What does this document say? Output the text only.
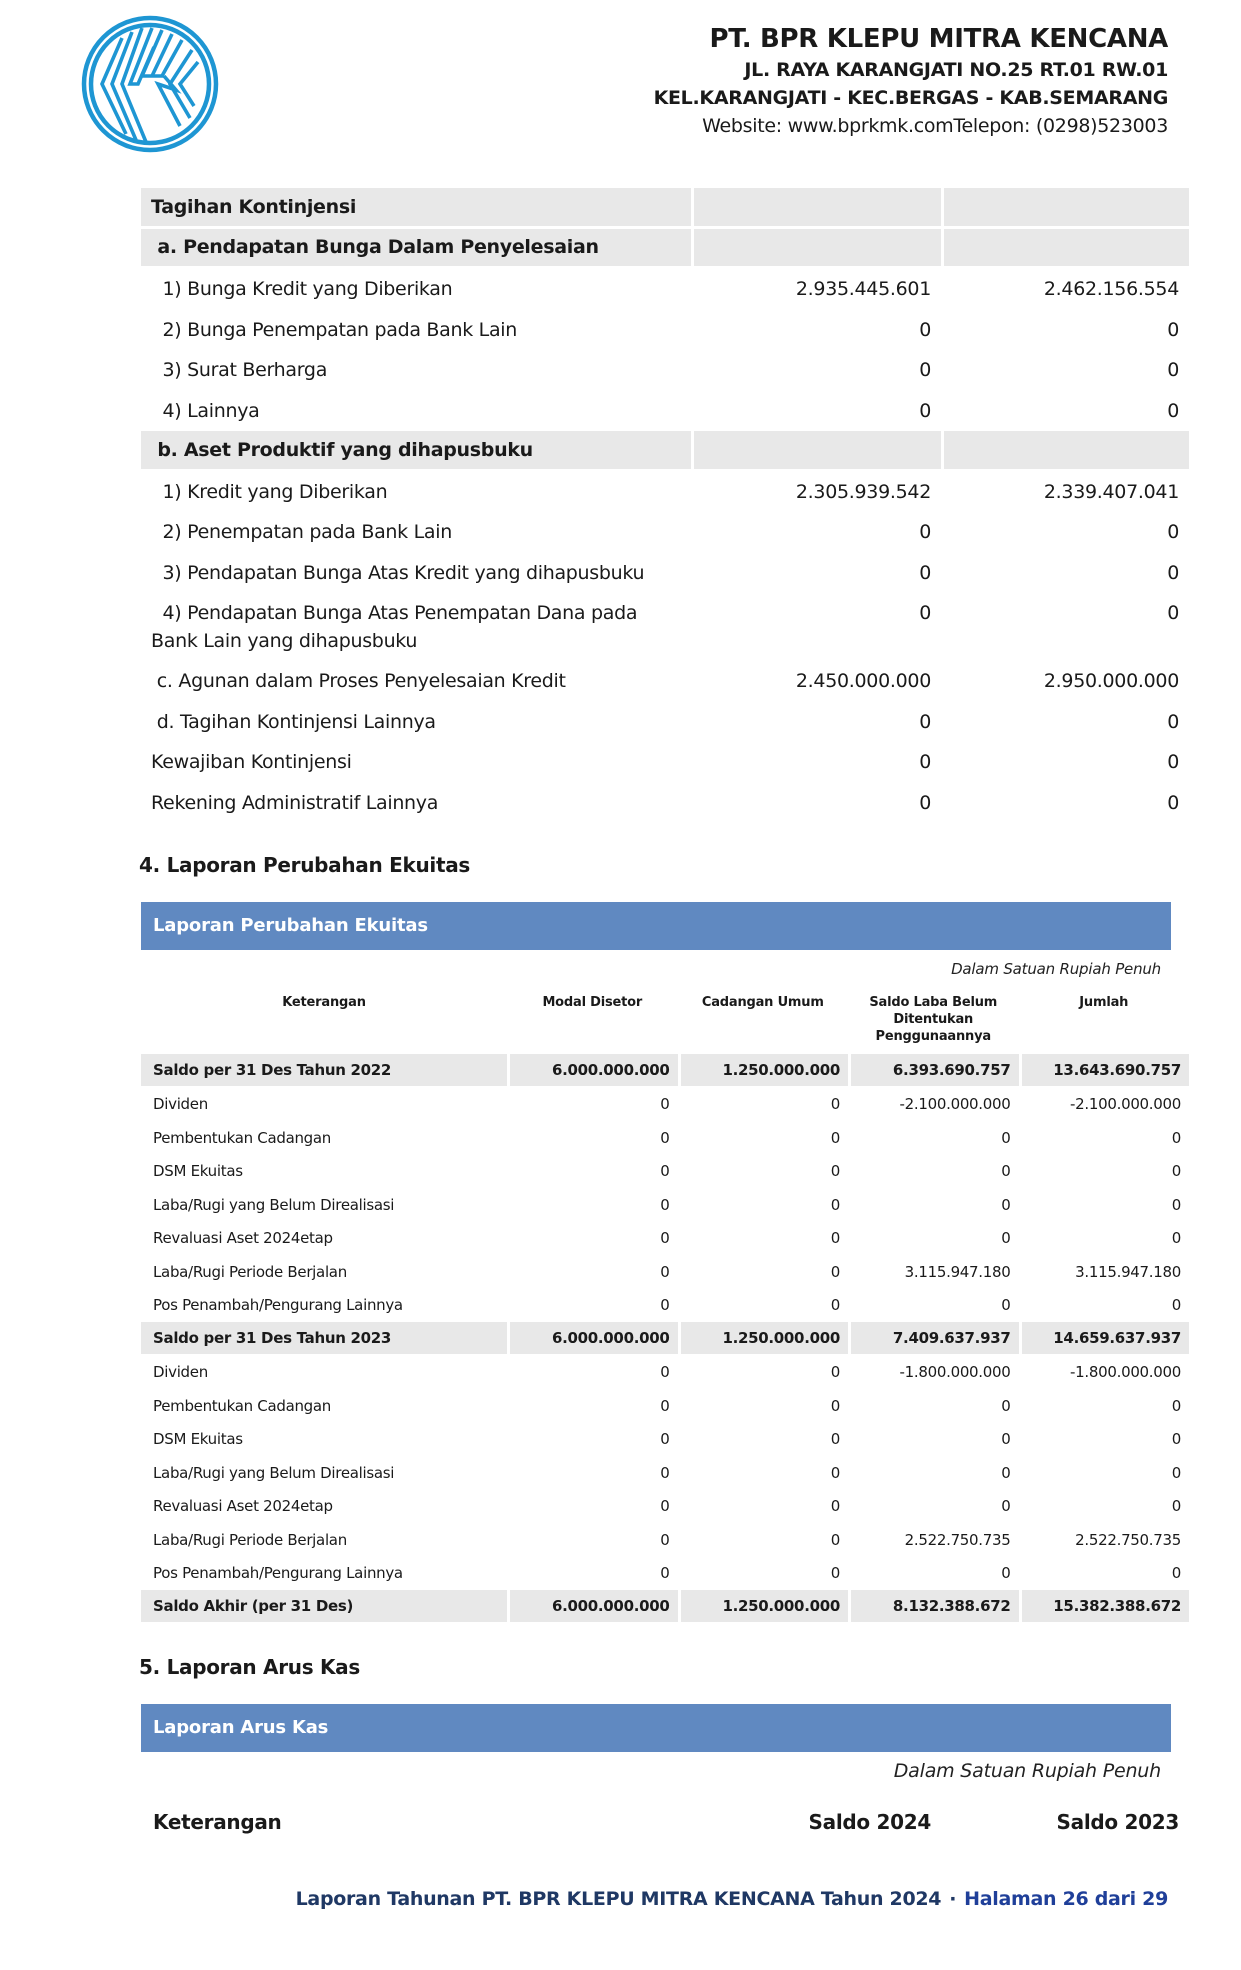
PT. BPR KLEPU MITRA KENCANA
JL. RAYA KARANGJATI NO.25 RT.01 RW.01
KEL.KARANGJATI - KEC.BERGAS - KAB.SEMARANG
Website: www.bprkmk.comTelepon: (0298)523003
Tagihan Kontinjensi		
a. Pendapatan Bunga Dalam Penyelesaian		
1) Bunga Kredit yang Diberikan	2.935.445.601	2.462.156.554
2) Bunga Penempatan pada Bank Lain	0	0
3) Surat Berharga	0	0
4) Lainnya	0	0
b. Aset Produktif yang dihapusbuku		
1) Kredit yang Diberikan	2.305.939.542	2.339.407.041
2) Penempatan pada Bank Lain	0	0
3) Pendapatan Bunga Atas Kredit yang dihapusbuku	0	0
4) Pendapatan Bunga Atas Penempatan Dana pada Bank Lain yang dihapusbuku	0	0
c. Agunan dalam Proses Penyelesaian Kredit	2.450.000.000	2.950.000.000
d. Tagihan Kontinjensi Lainnya	0	0
Kewajiban Kontinjensi	0	0
Rekening Administratif Lainnya	0	0
4. Laporan Perubahan Ekuitas
Laporan Perubahan Ekuitas
Dalam Satuan Rupiah Penuh
Keterangan	Modal Disetor	Cadangan Umum	Saldo Laba Belum Ditentukan Penggunaannya	Jumlah
Saldo per 31 Des Tahun 2022	6.000.000.000	1.250.000.000	6.393.690.757	13.643.690.757
Dividen	0	0	-2.100.000.000	-2.100.000.000
Pembentukan Cadangan	0	0	0	0
DSM Ekuitas	0	0	0	0
Laba/Rugi yang Belum Direalisasi	0	0	0	0
Revaluasi Aset 2024etap	0	0	0	0
Laba/Rugi Periode Berjalan	0	0	3.115.947.180	3.115.947.180
Pos Penambah/Pengurang Lainnya	0	0	0	0
Saldo per 31 Des Tahun 2023	6.000.000.000	1.250.000.000	7.409.637.937	14.659.637.937
Dividen	0	0	-1.800.000.000	-1.800.000.000
Pembentukan Cadangan	0	0	0	0
DSM Ekuitas	0	0	0	0
Laba/Rugi yang Belum Direalisasi	0	0	0	0
Revaluasi Aset 2024etap	0	0	0	0
Laba/Rugi Periode Berjalan	0	0	2.522.750.735	2.522.750.735
Pos Penambah/Pengurang Lainnya	0	0	0	0
Saldo Akhir (per 31 Des)	6.000.000.000	1.250.000.000	8.132.388.672	15.382.388.672
5. Laporan Arus Kas
Laporan Arus Kas
Dalam Satuan Rupiah Penuh
Keterangan	Saldo 2024	Saldo 2023
Laporan Tahunan PT. BPR KLEPU MITRA KENCANA Tahun 2024 · Halaman 26 dari 29
